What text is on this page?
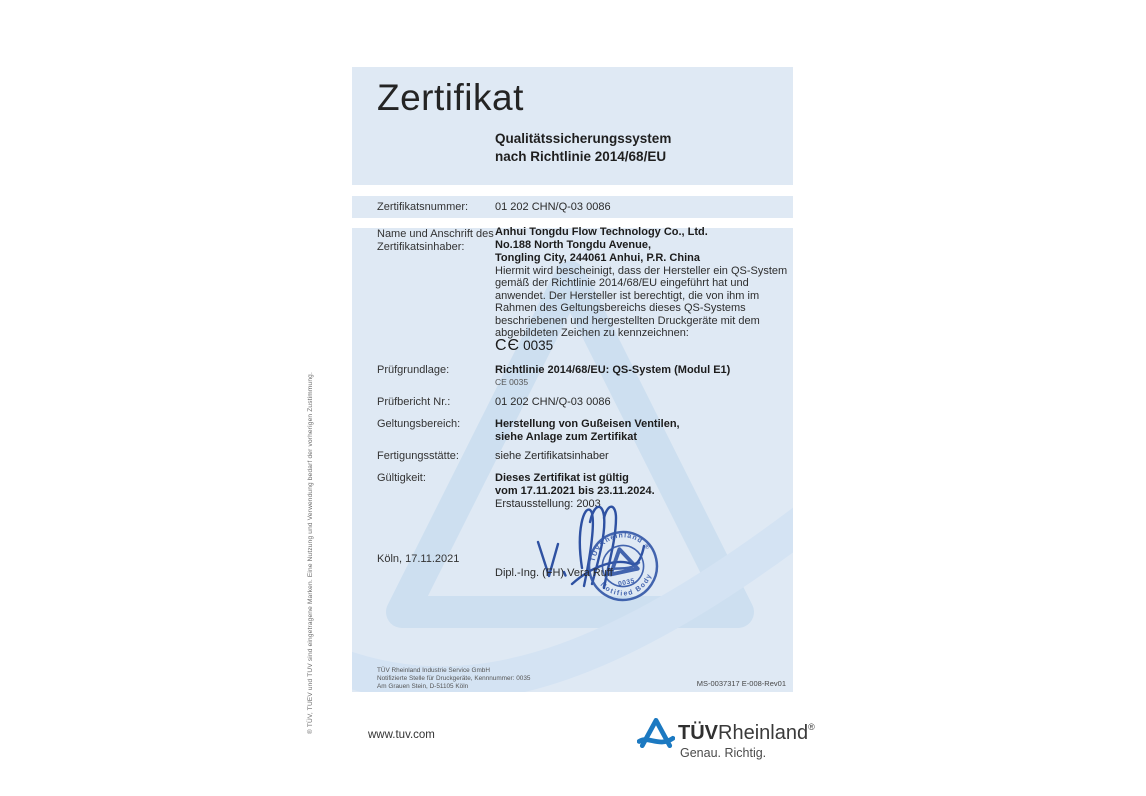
® TÜV, TUEV und TUV sind eingetragene Marken. Eine Nutzung und Verwendung bedarf der vorherigen Zustimmung.
Zertifikat
Qualitätssicherungssystem
nach Richtlinie 2014/68/EU
Zertifikatsnummer: 01 202 CHN/Q-03 0086
Name und Anschrift des
Zertifikatsinhaber:
Anhui Tongdu Flow Technology Co., Ltd.
No.188 North Tongdu Avenue,
Tongling City, 244061 Anhui, P.R. China
Hiermit wird bescheinigt, dass der Hersteller ein QS-System
gemäß der Richtlinie 2014/68/EU eingeführt hat und
anwendet. Der Hersteller ist berechtigt, die von ihm im
Rahmen des Geltungsbereichs dieses QS-Systems
beschriebenen und hergestellten Druckgeräte mit dem
abgebildeten Zeichen zu kennzeichnen:
CЄ 0035
Prüfgrundlage:	Richtlinie 2014/68/EU: QS-System (Modul E1)
CE 0035
Prüfbericht Nr.:	01 202 CHN/Q-03 0086
Geltungsbereich:	Herstellung von Gußeisen Ventilen,
siehe Anlage zum Zertifikat
Fertigungsstätte:	siehe Zertifikatsinhaber
Gültigkeit:	Dieses Zertifikat ist gültig
vom 17.11.2021 bis 23.11.2024.
Erstausstellung: 2003
TÜVRheinland ®
Notified Body
0035
Köln, 17.11.2021
Dipl.-Ing. (FH) Vera Ruff
TÜV Rheinland Industrie Service GmbH
Notifizierte Stelle für Druckgeräte, Kennnummer: 0035
Am Grauen Stein, D-51105 Köln	MS-0037317 E-008-Rev01
www.tuv.com	TÜVRheinland®
Genau. Richtig.
